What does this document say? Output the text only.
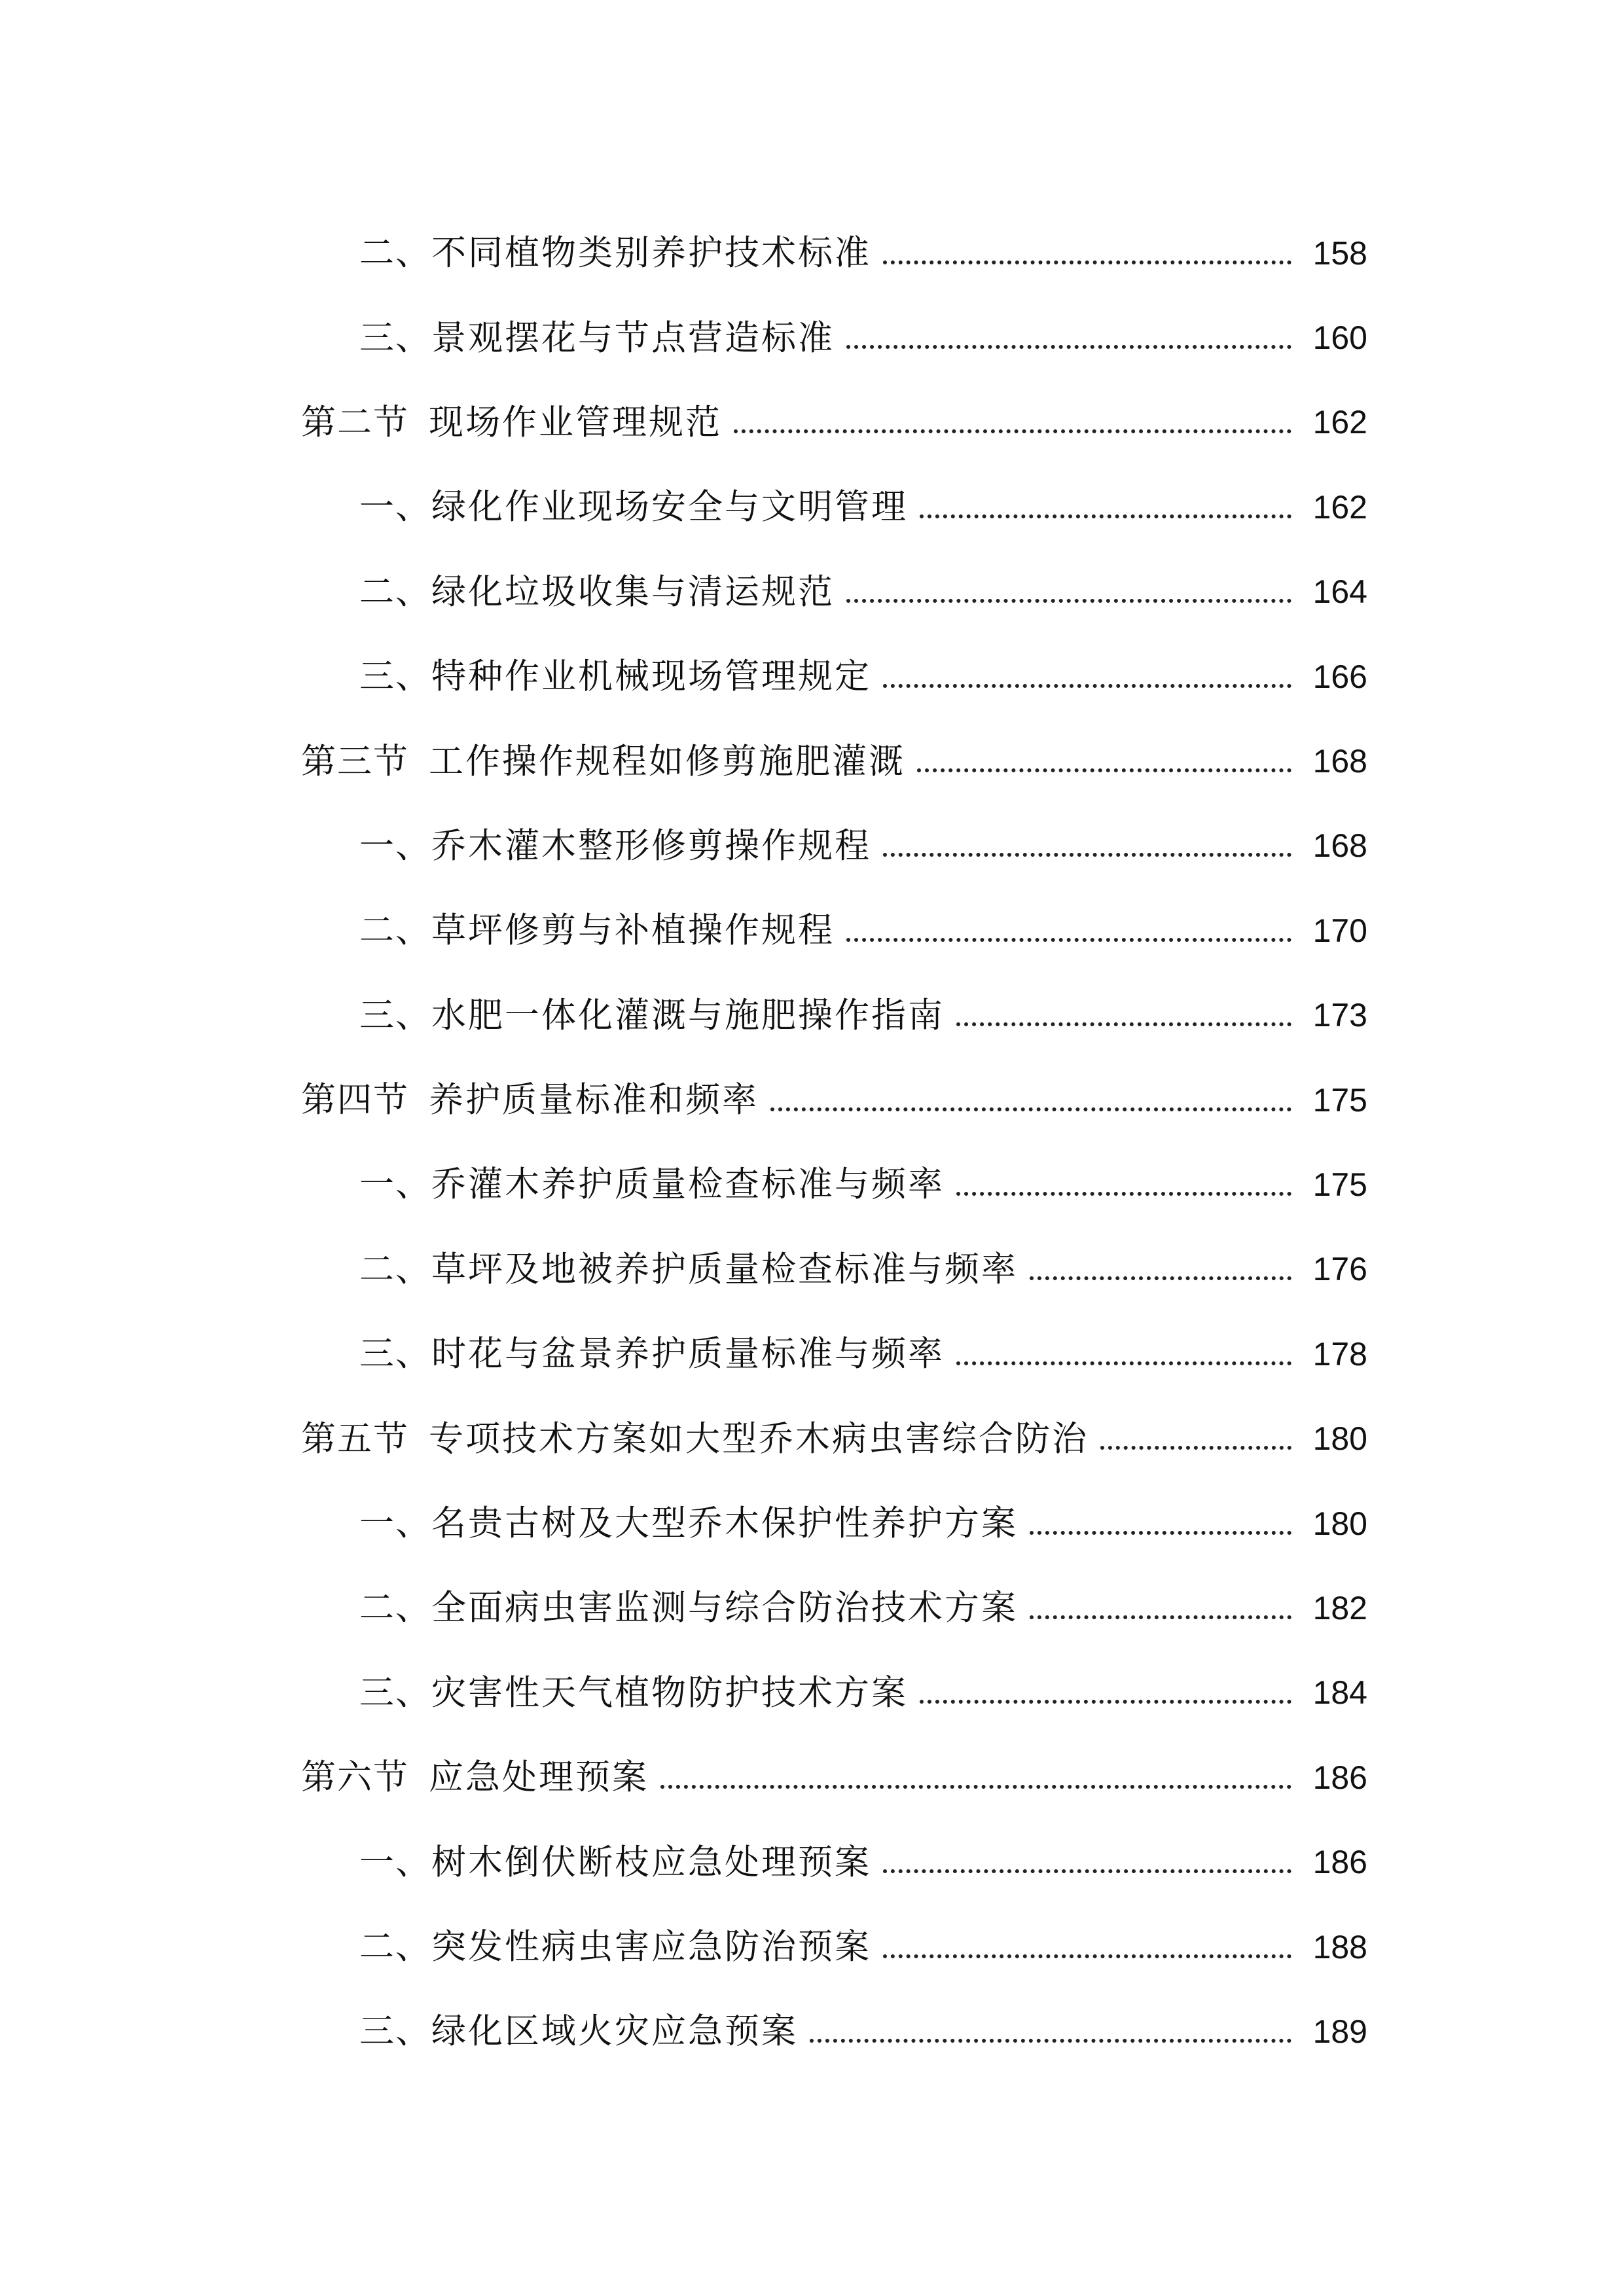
二、 不同植物类别养护技术标准	158
三、 景观摆花与节点营造标准	160
第二节 现场作业管理规范	162
一、 绿化作业现场安全与文明管理	162
二、 绿化垃圾收集与清运规范	164
三、 特种作业机械现场管理规定	166
第三节 工作操作规程如修剪施肥灌溉	168
一、 乔木灌木整形修剪操作规程	168
二、 草坪修剪与补植操作规程	170
三、 水肥一体化灌溉与施肥操作指南	173
第四节 养护质量标准和频率	175
一、 乔灌木养护质量检查标准与频率	175
二、 草坪及地被养护质量检查标准与频率	176
三、 时花与盆景养护质量标准与频率	178
第五节 专项技术方案如大型乔木病虫害综合防治	180
一、 名贵古树及大型乔木保护性养护方案	180
二、 全面病虫害监测与综合防治技术方案	182
三、 灾害性天气植物防护技术方案	184
第六节 应急处理预案	186
一、 树木倒伏断枝应急处理预案	186
二、 突发性病虫害应急防治预案	188
三、 绿化区域火灾应急预案	189
